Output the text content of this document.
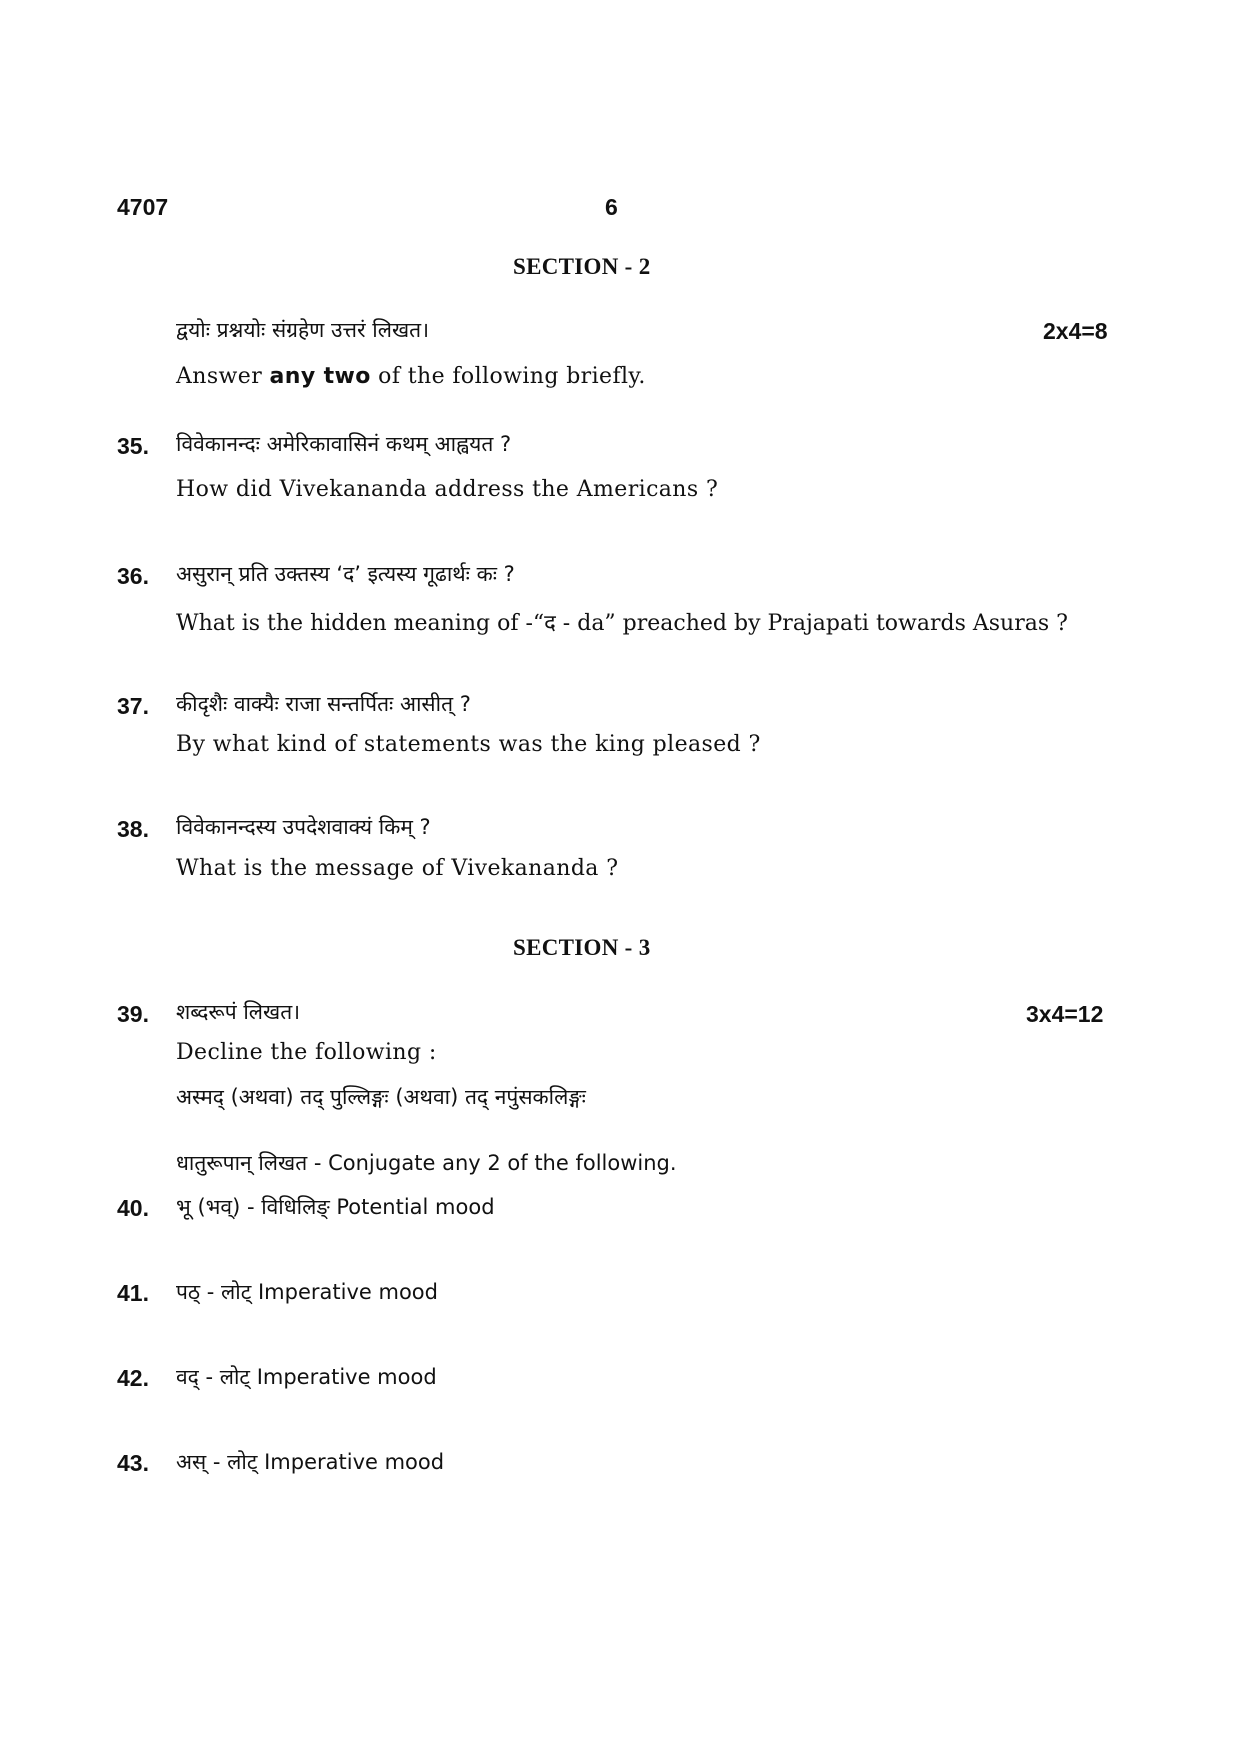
4707	6
SECTION - 2
द्वयोः प्रश्नयोः संग्रहेण उत्तरं लिखत।	2x4=8
Answer any two of the following briefly.
35. विवेकानन्दः अमेरिकावासिनं कथम् आह्वयत ?
How did Vivekananda address the Americans ?
36. असुरान् प्रति उक्तस्य ‘द’ इत्यस्य गूढार्थः कः ?
What is the hidden meaning of -“द - da” preached by Prajapati towards Asuras ?
37. कीदृशैः वाक्यैः राजा सन्तर्पितः आसीत् ?
By what kind of statements was the king pleased ?
38. विवेकानन्दस्य उपदेशवाक्यं किम् ?
What is the message of Vivekananda ?
SECTION - 3
39. शब्दरूपं लिखत।	3x4=12
Decline the following :
अस्मद् (अथवा) तद् पुल्लिङ्गः (अथवा) तद् नपुंसकलिङ्गः
धातुरूपान् लिखत - Conjugate any 2 of the following.
40. भू (भव्) - विधिलिङ् Potential mood
41. पठ् - लोट् Imperative mood
42. वद् - लोट् Imperative mood
43. अस् - लोट् Imperative mood
